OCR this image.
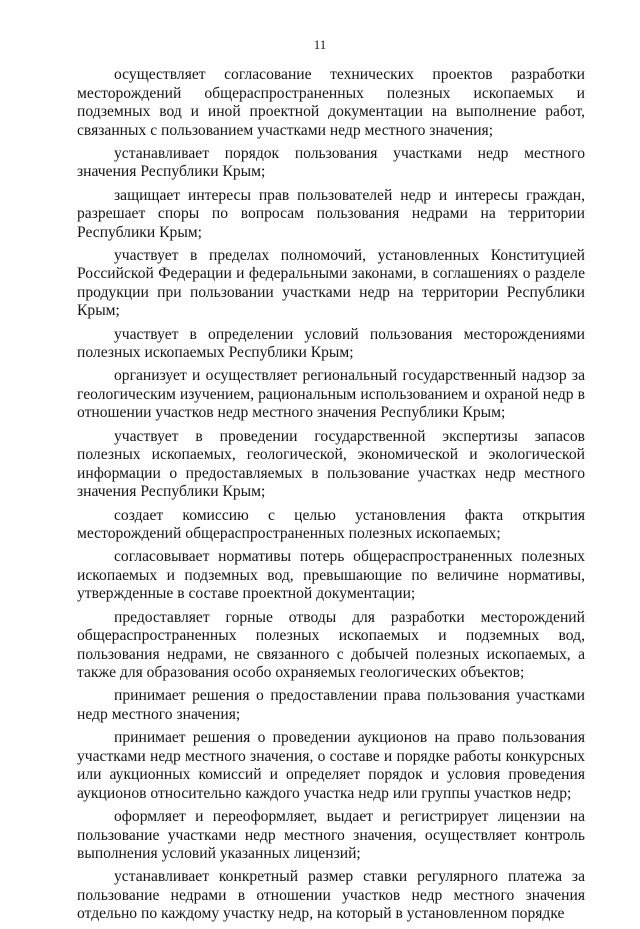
11

осуществляет согласование технических проектов разработки месторождений общераспространенных полезных ископаемых и подземных вод и иной проектной документации на выполнение работ, связанных с пользованием участками недр местного значения;

устанавливает порядок пользования участками недр местного значения Республики Крым;

защищает интересы прав пользователей недр и интересы граждан, разрешает споры по вопросам пользования недрами на территории Республики Крым;

участвует в пределах полномочий, установленных Конституцией Российской Федерации и федеральными законами, в соглашениях о разделе продукции при пользовании участками недр на территории Республики Крым;

участвует в определении условий пользования месторождениями полезных ископаемых Республики Крым;

организует и осуществляет региональный государственный надзор за геологическим изучением, рациональным использованием и охраной недр в отношении участков недр местного значения Республики Крым;

участвует в проведении государственной экспертизы запасов полезных ископаемых, геологической, экономической и экологической информации о предоставляемых в пользование участках недр местного значения Республики Крым;

создает комиссию с целью установления факта открытия месторождений общераспространенных полезных ископаемых;

согласовывает нормативы потерь общераспространенных полезных ископаемых и подземных вод, превышающие по величине нормативы, утвержденные в составе проектной документации;

предоставляет горные отводы для разработки месторождений общераспространенных полезных ископаемых и подземных вод, пользования недрами, не связанного с добычей полезных ископаемых, а также для образования особо охраняемых геологических объектов;

принимает решения о предоставлении права пользования участками недр местного значения;

принимает решения о проведении аукционов на право пользования участками недр местного значения, о составе и порядке работы конкурсных или аукционных комиссий и определяет порядок и условия проведения аукционов относительно каждого участка недр или группы участков недр;

оформляет и переоформляет, выдает и регистрирует лицензии на пользование участками недр местного значения, осуществляет контроль выполнения условий указанных лицензий;

устанавливает конкретный размер ставки регулярного платежа за пользование недрами в отношении участков недр местного значения отдельно по каждому участку недр, на который в установленном порядке
